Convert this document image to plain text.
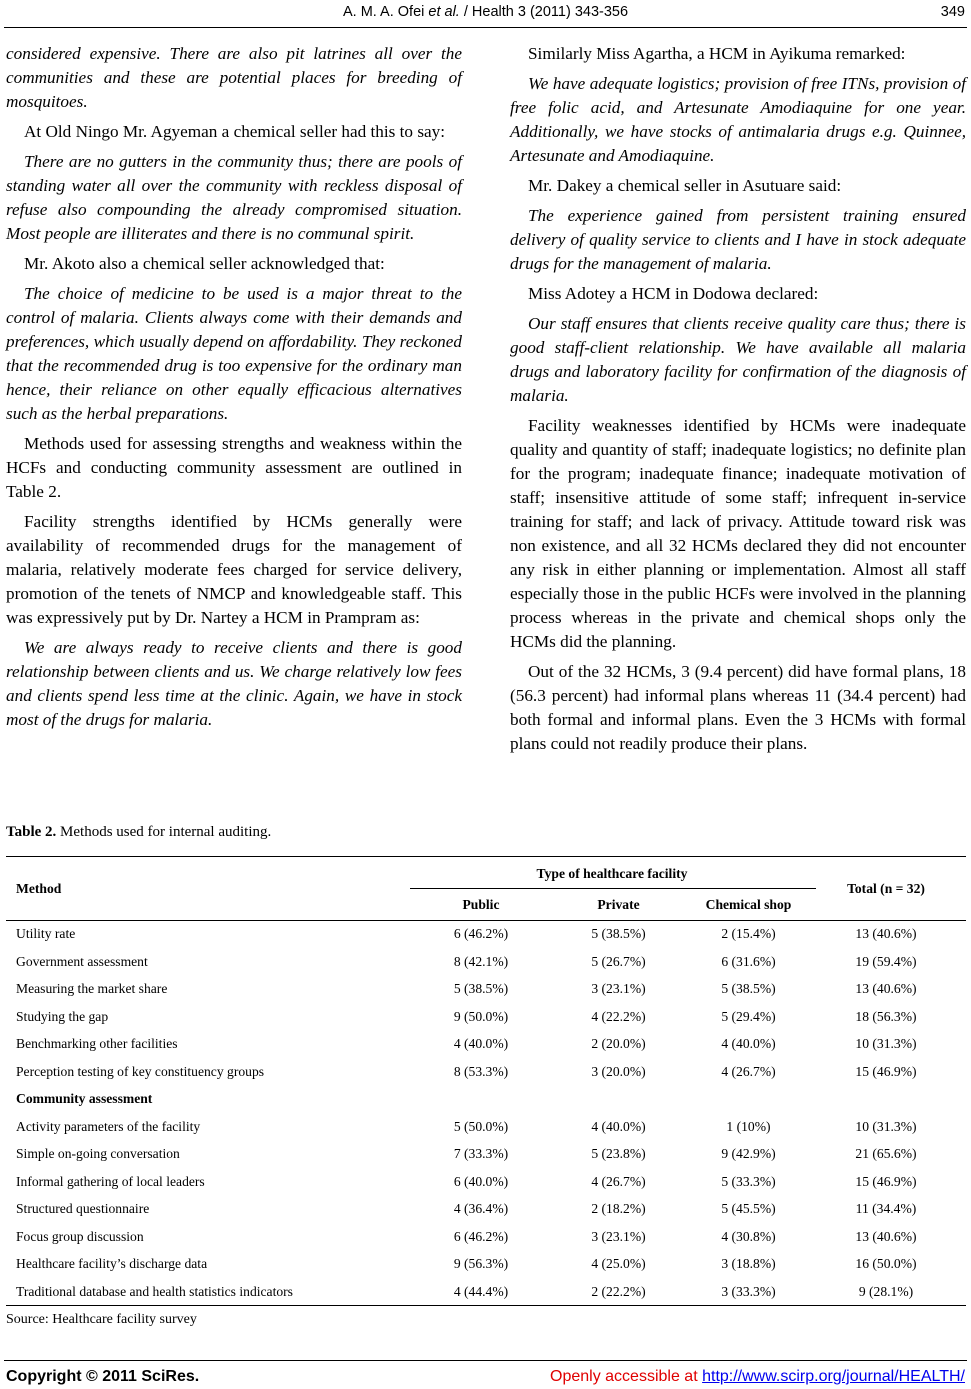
A. M. A. Ofei et al. / Health 3 (2011) 343-356	349

considered expensive. There are also pit latrines all over the communities and these are potential places for breeding of mosquitoes.

At Old Ningo Mr. Agyeman a chemical seller had this to say:

There are no gutters in the community thus; there are pools of standing water all over the community with reckless disposal of refuse also compounding the already compromised situation. Most people are illiterates and there is no communal spirit.

Mr. Akoto also a chemical seller acknowledged that:

The choice of medicine to be used is a major threat to the control of malaria. Clients always come with their demands and preferences, which usually depend on affordability. They reckoned that the recommended drug is too expensive for the ordinary man hence, their reliance on other equally efficacious alternatives such as the herbal preparations.

Methods used for assessing strengths and weakness within the HCFs and conducting community assessment are outlined in Table 2.

Facility strengths identified by HCMs generally were availability of recommended drugs for the management of malaria, relatively moderate fees charged for service delivery, promotion of the tenets of NMCP and knowledgeable staff. This was expressively put by Dr. Nartey a HCM in Prampram as:

We are always ready to receive clients and there is good relationship between clients and us. We charge relatively low fees and clients spend less time at the clinic. Again, we have in stock most of the drugs for malaria.

Similarly Miss Agartha, a HCM in Ayikuma remarked:

We have adequate logistics; provision of free ITNs, provision of free folic acid, and Artesunate Amodiaquine for one year. Additionally, we have stocks of antimalaria drugs e.g. Quinnee, Artesunate and Amodiaquine.

Mr. Dakey a chemical seller in Asutuare said:

The experience gained from persistent training ensured delivery of quality service to clients and I have in stock adequate drugs for the management of malaria.

Miss Adotey a HCM in Dodowa declared:

Our staff ensures that clients receive quality care thus; there is good staff-client relationship. We have available all malaria drugs and laboratory facility for confirmation of the diagnosis of malaria.

Facility weaknesses identified by HCMs were inadequate quality and quantity of staff; inadequate logistics; no definite plan for the program; inadequate finance; inadequate motivation of staff; insensitive attitude of some staff; infrequent in-service training for staff; and lack of privacy. Attitude toward risk was non existence, and all 32 HCMs declared they did not encounter any risk in either planning or implementation. Almost all staff especially those in the public HCFs were involved in the planning process whereas in the private and chemical shops only the HCMs did the planning.

Out of the 32 HCMs, 3 (9.4 percent) did have formal plans, 18 (56.3 percent) had informal plans whereas 11 (34.4 percent) had both formal and informal plans. Even the 3 HCMs with formal plans could not readily produce their plans.

Table 2. Methods used for internal auditing.
Method
Type of healthcare facility
Public	Private	Chemical shop
Total (n = 32)
Utility rate	6 (46.2%)	5 (38.5%)	2 (15.4%)	13 (40.6%)
Government assessment	8 (42.1%)	5 (26.7%)	6 (31.6%)	19 (59.4%)
Measuring the market share	5 (38.5%)	3 (23.1%)	5 (38.5%)	13 (40.6%)
Studying the gap	9 (50.0%)	4 (22.2%)	5 (29.4%)	18 (56.3%)
Benchmarking other facilities	4 (40.0%)	2 (20.0%)	4 (40.0%)	10 (31.3%)
Perception testing of key constituency groups	8 (53.3%)	3 (20.0%)	4 (26.7%)	15 (46.9%)
Community assessment
Activity parameters of the facility	5 (50.0%)	4 (40.0%)	1 (10%)	10 (31.3%)
Simple on-going conversation	7 (33.3%)	5 (23.8%)	9 (42.9%)	21 (65.6%)
Informal gathering of local leaders	6 (40.0%)	4 (26.7%)	5 (33.3%)	15 (46.9%)
Structured questionnaire	4 (36.4%)	2 (18.2%)	5 (45.5%)	11 (34.4%)
Focus group discussion	6 (46.2%)	3 (23.1%)	4 (30.8%)	13 (40.6%)
Healthcare facility’s discharge data	9 (56.3%)	4 (25.0%)	3 (18.8%)	16 (50.0%)
Traditional database and health statistics indicators	4 (44.4%)	2 (22.2%)	3 (33.3%)	9 (28.1%)
Source: Healthcare facility survey
Copyright © 2011 SciRes.	Openly accessible at http://www.scirp.org/journal/HEALTH/
